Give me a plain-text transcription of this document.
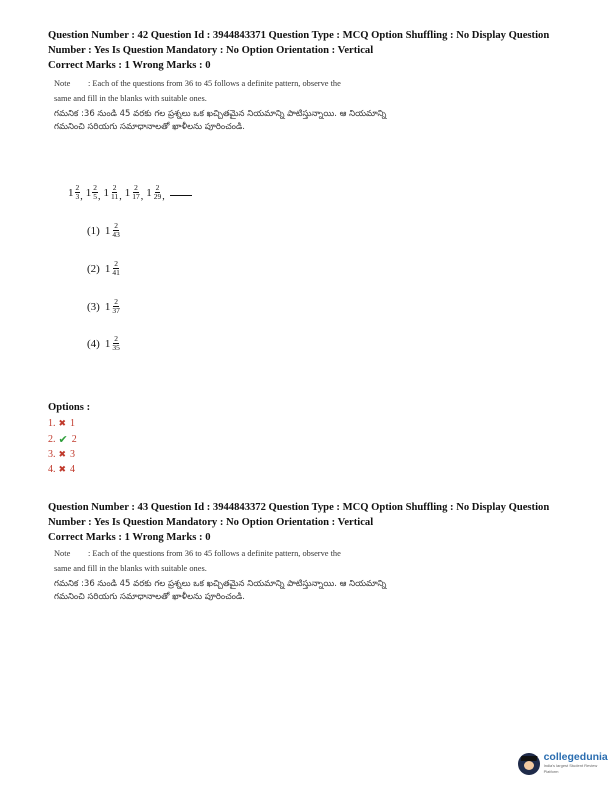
Question Number : 42 Question Id : 3944843371 Question Type : MCQ Option Shuffling : No Display Question
Number : Yes Is Question Mandatory : No Option Orientation : Vertical
Correct Marks : 1 Wrong Marks : 0
Note : Each of the questions from 36 to 45 follows a definite pattern, observe the
same and fill in the blanks with suitable ones.
గమనిక :36 నుండి 45 వరకు గల ప్రశ్నలు ఒక ఖచ్చితమైన నియమాన్ని పాటిస్తున్నాయి. ఆ నియమాన్ని గమనించి సరియగు సమాధానాలతో ఖాళీలను పూరించండి.
$1 \frac{2}{3}$ , $1 \frac{2}{5}$ , $1 \frac{2}{11}$ , $1 \frac{2}{17}$ , $1 \frac{2}{29}$ ,
(1) $1 \frac{2}{43}$
(2) $1 \frac{2}{41}$
(3) $1 \frac{2}{37}$
(4) $1 \frac{2}{35}$
Options :
1. ✖ 1
2. ✔ 2
3. ✖ 3
4. ✖ 4
Question Number : 43 Question Id : 3944843372 Question Type : MCQ Option Shuffling : No Display Question
Number : Yes Is Question Mandatory : No Option Orientation : Vertical
Correct Marks : 1 Wrong Marks : 0
Note : Each of the questions from 36 to 45 follows a definite pattern, observe the
same and fill in the blanks with suitable ones.
గమనిక :36 నుండి 45 వరకు గల ప్రశ్నలు ఒక ఖచ్చితమైన నియమాన్ని పాటిస్తున్నాయి. ఆ నియమాన్ని గమనించి సరియగు సమాధానాలతో ఖాళీలను పూరించండి.
collegedunia
India's largest Student Review Platform
